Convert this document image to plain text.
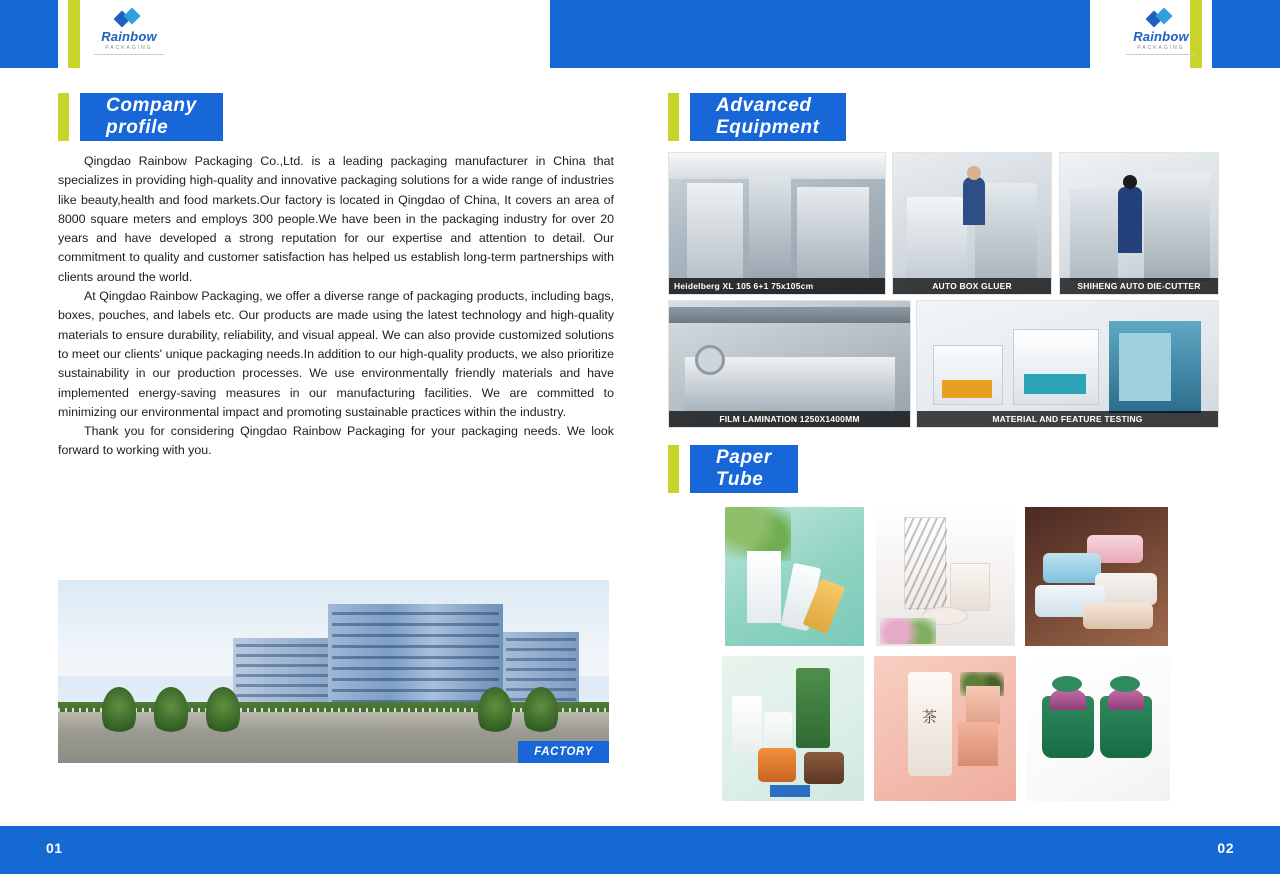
Rainbow
PACKAGING
Rainbow
PACKAGING
Company profile

Qingdao Rainbow Packaging Co.,Ltd. is a leading packaging manufacturer in China that specializes in providing high-quality and innovative packaging solutions for a wide range of industries like beauty,health and food markets.Our factory is located in Qingdao of China, It covers an area of 8000 square meters and employs 300 people.We have been in the packaging industry for over 20 years and have developed a strong reputation for our expertise and attention to detail. Our commitment to quality and customer satisfaction has helped us establish long-term partnerships with clients around the world.

At Qingdao Rainbow Packaging, we offer a diverse range of packaging products, including bags, boxes, pouches, and labels etc. Our products are made using the latest technology and high-quality materials to ensure durability, reliability, and visual appeal. We can also provide customized solutions to meet our clients' unique packaging needs.In addition to our high-quality products, we also prioritize sustainability in our production processes. We use environmentally friendly materials and have implemented energy-saving measures in our manufacturing facilities. We are committed to minimizing our environmental impact and promoting sustainable practices within the industry.

Thank you for considering Qingdao Rainbow Packaging for your packaging needs. We look forward to working with you.

FACTORY
Advanced Equipment
Heidelberg XL 105 6+1 75x105cm	AUTO BOX GLUER	SHIHENG AUTO DIE-CUTTER
FILM LAMINATION 1250X1400MM	MATERIAL AND FEATURE TESTING
Paper Tube
茶
01	02
